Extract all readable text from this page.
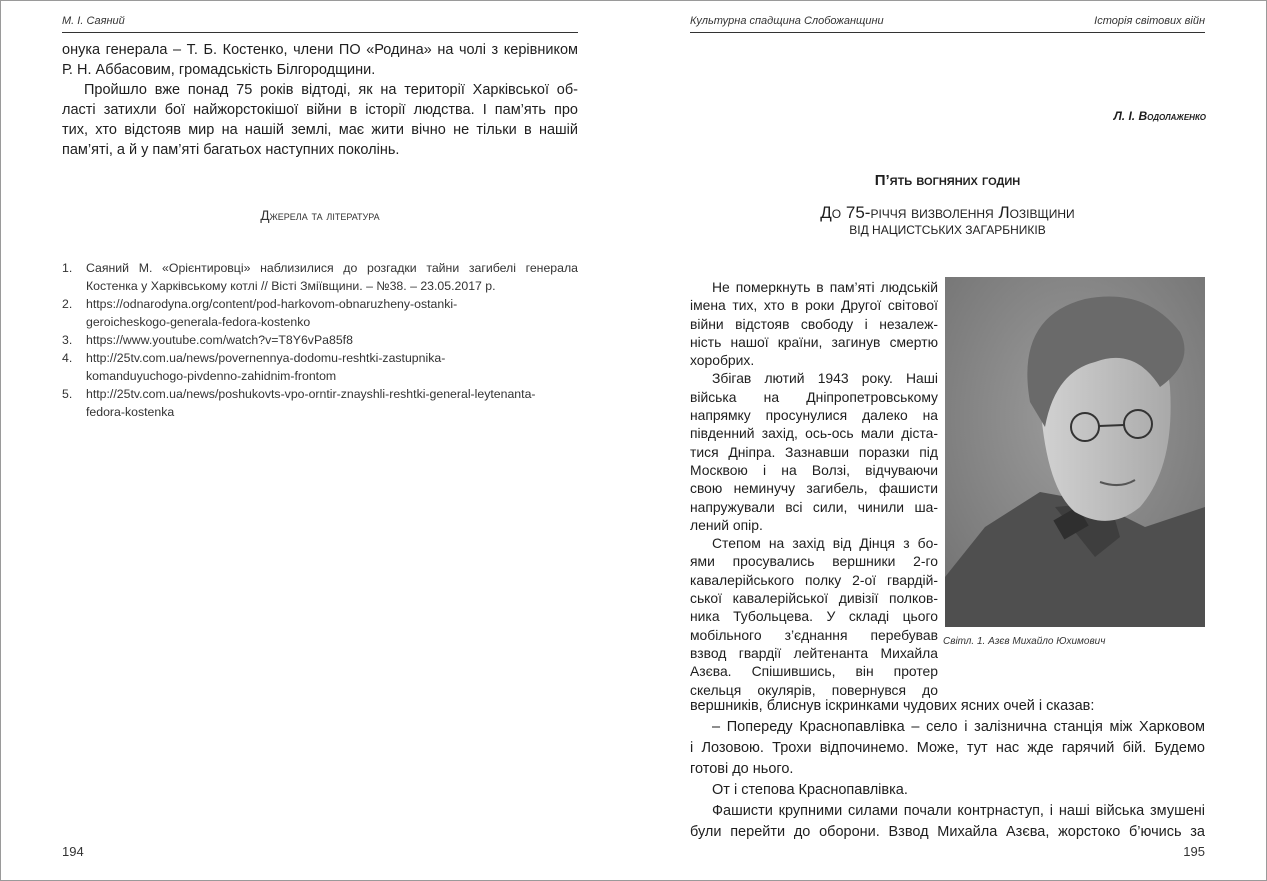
М. І. Саяний
онука генерала – Т. Б. Костенко, члени ПО «Родина» на чолі з керівником
Р. Н. Аббасовим, громадськість Білгородщини.
Пройшло вже понад 75 років відтоді, як на території Харківської об-
ласті затихли бої найжорстокішої війни в історії людства. І пам’ять про
тих, хто відстояв мир на нашій землі, має жити вічно не тільки в нашій
пам’яті, а й у пам’яті багатьох наступних поколінь.
Джерела та література
1. Саяний М. «Орієнтировці» наблизилися до розгадки тайни загибелі генерала
Костенка у Харківському котлі // Вісті Зміївщини. – №38. – 23.05.2017 р.
2. https://odnarodyna.org/content/pod-harkovom-obnaruzheny-ostanki-
geroicheskogo-generala-fedora-kostenko
3. https://www.youtube.com/watch?v=T8Y6vPa85f8
4. http://25tv.com.ua/news/povernennya-dodomu-reshtki-zastupnika-
komanduyuchogo-pivdenno-zahidnim-frontom
5. http://25tv.com.ua/news/poshukovts-vpo-orntir-znayshli-reshtki-general-leytenanta-
fedora-kostenka
194
Культурна спадщина Слобожанщини	Історія світових війн
Л. І. Водолаженко
П’ять вогняних годин
До 75-річчя визволення Лозівщини
ВІД НАЦИСТСЬКИХ ЗАГАРБНИКІВ
Не померкнуть в пам’яті людській
імена тих, хто в роки Другої світової
війни відстояв свободу і незалеж-
ність нашої країни, загинув смертю
хоробрих.
Збігав лютий 1943 року. Наші
війська на Дніпропетровському
напрямку просунулися далеко на
південний захід, ось-ось мали діста-
тися Дніпра. Зазнавши поразки під
Москвою і на Волзі, відчуваючи
свою неминучу загибель, фашисти
напружували всі сили, чинили ша-
лений опір.
Степом на захід від Дінця з бо-
ями просувались вершники 2-го
кавалерійського полку 2-ої гвардій-
ської кавалерійської дивізії полков-
ника Тубольцева. У складі цього
мобільного з’єднання перебував
взвод гвардії лейтенанта Михайла
Азєва. Спішившись, він протер
скельця окулярів, повернувся до
Світл. 1. Азєв Михайло Юхимович
вершників, блиснув іскринками чудових ясних очей і сказав:
– Попереду Краснопавлівка – село і залізнична станція між Харковом
і Лозовою. Трохи відпочинемо. Може, тут нас жде гарячий бій. Будемо
готові до нього.
От і степова Краснопавлівка.
Фашисти крупними силами почали контрнаступ, і наші війська змушені
були перейти до оборони. Взвод Михайла Азєва, жорстоко б’ючись за
195
